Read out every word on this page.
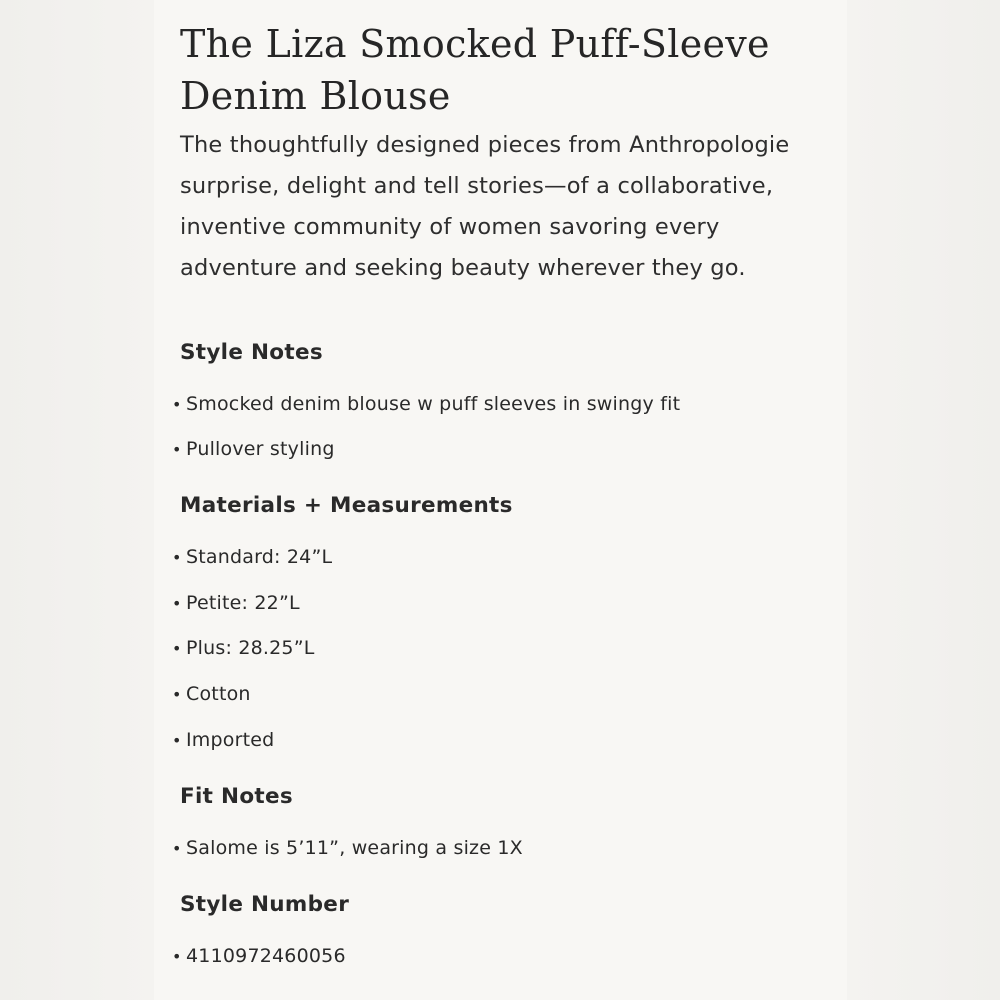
The Liza Smocked Puff-Sleeve Denim Blouse

The thoughtfully designed pieces from Anthropologie surprise, delight and tell stories—of a collaborative, inventive community of women savoring every adventure and seeking beauty wherever they go.

Style Notes
• Smocked denim blouse w puff sleeves in swingy fit
• Pullover styling
Materials + Measurements
• Standard: 24”L
• Petite: 22”L
• Plus: 28.25”L
• Cotton
• Imported
Fit Notes
• Salome is 5’11”, wearing a size 1X
Style Number
• 4110972460056
